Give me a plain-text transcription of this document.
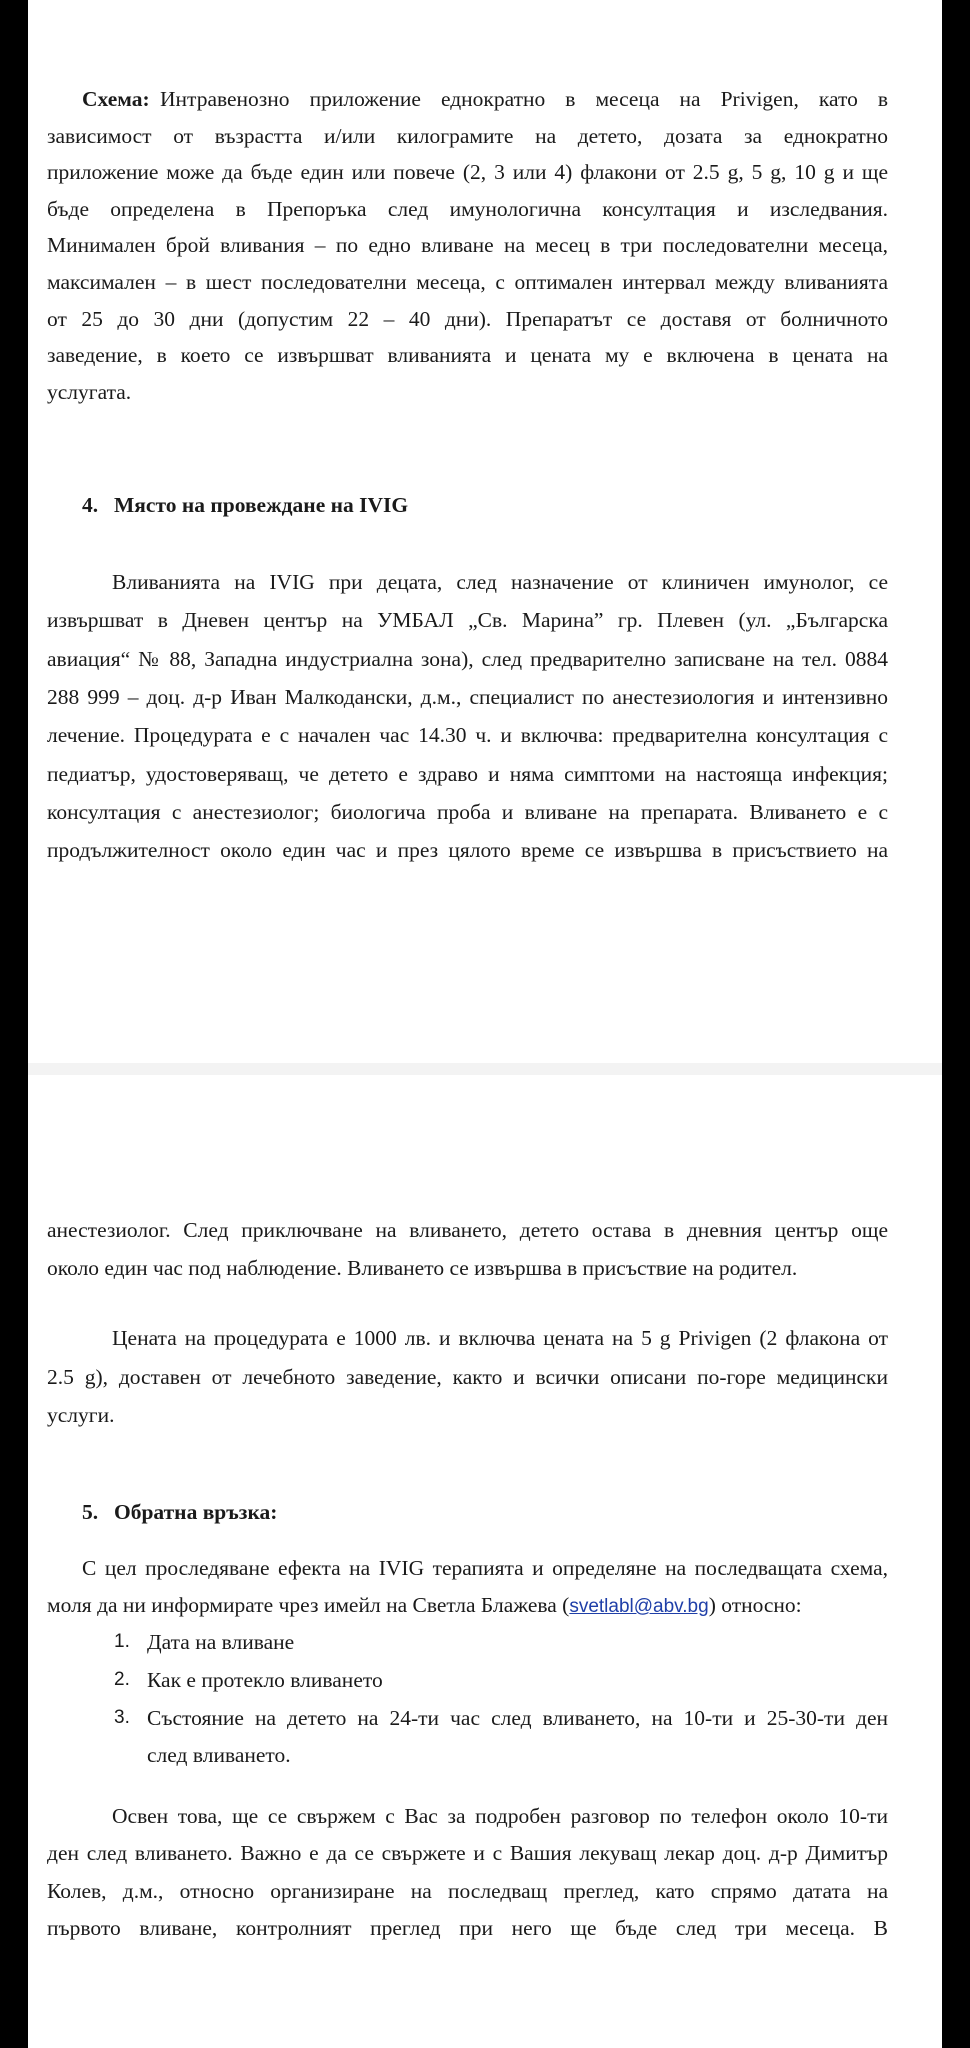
Схема: Интравенозно приложение еднократно в месеца на Privigen, като в
зависимост от възрастта и/или килограмите на детето, дозата за еднократно
приложение може да бъде един или повече (2, 3 или 4) флакони от 2.5 g, 5 g, 10 g и ще
бъде определена в Препоръка след имунологична консултация и изследвания.
Минимален брой вливания – по едно вливане на месец в три последователни месеца,
максимален – в шест последователни месеца, с оптимален интервал между вливанията
от 25 до 30 дни (допустим 22 – 40 дни). Препаратът се доставя от болничното
заведение, в което се извършват вливанията и цената му е включена в цената на
услугата.
4. Място на провеждане на IVIG
Вливанията на IVIG при децата, след назначение от клиничен имунолог, се
извършват в Дневен център на УМБАЛ „Св. Марина” гр. Плевен (ул. „Българска
авиация“ № 88, Западна индустриална зона), след предварително записване на тел. 0884
288 999 – доц. д-р Иван Малкодански, д.м., специалист по анестезиология и интензивно
лечение. Процедурата е с начален час 14.30 ч. и включва: предварителна консултация с
педиатър, удостоверяващ, че детето е здраво и няма симптоми на настояща инфекция;
консултация с анестезиолог; биологича проба и вливане на препарата. Вливането е с
продължителност около един час и през цялото време се извършва в присъствието на
анестезиолог. След приключване на вливането, детето остава в дневния център още
около един час под наблюдение. Вливането се извършва в присъствие на родител.
Цената на процедурата е 1000 лв. и включва цената на 5 g Privigen (2 флакона от
2.5 g), доставен от лечебното заведение, както и всички описани по-горе медицински
услуги.
5. Обратна връзка:
С цел проследяване ефекта на IVIG терапията и определяне на последващата схема,
моля да ни информирате чрез имейл на Светла Блажева (svetlabl@abv.bg) относно:
1. Дата на вливане
2. Как е протекло вливането
3. Състояние на детето на 24-ти час след вливането, на 10-ти и 25-30-ти ден
след вливането.
Освен това, ще се свържем с Вас за подробен разговор по телефон около 10-ти
ден след вливането. Важно е да се свържете и с Вашия лекуващ лекар доц. д-р Димитър
Колев, д.м., относно организиране на последващ преглед, като спрямо датата на
първото вливане, контролният преглед при него ще бъде след три месеца. В
